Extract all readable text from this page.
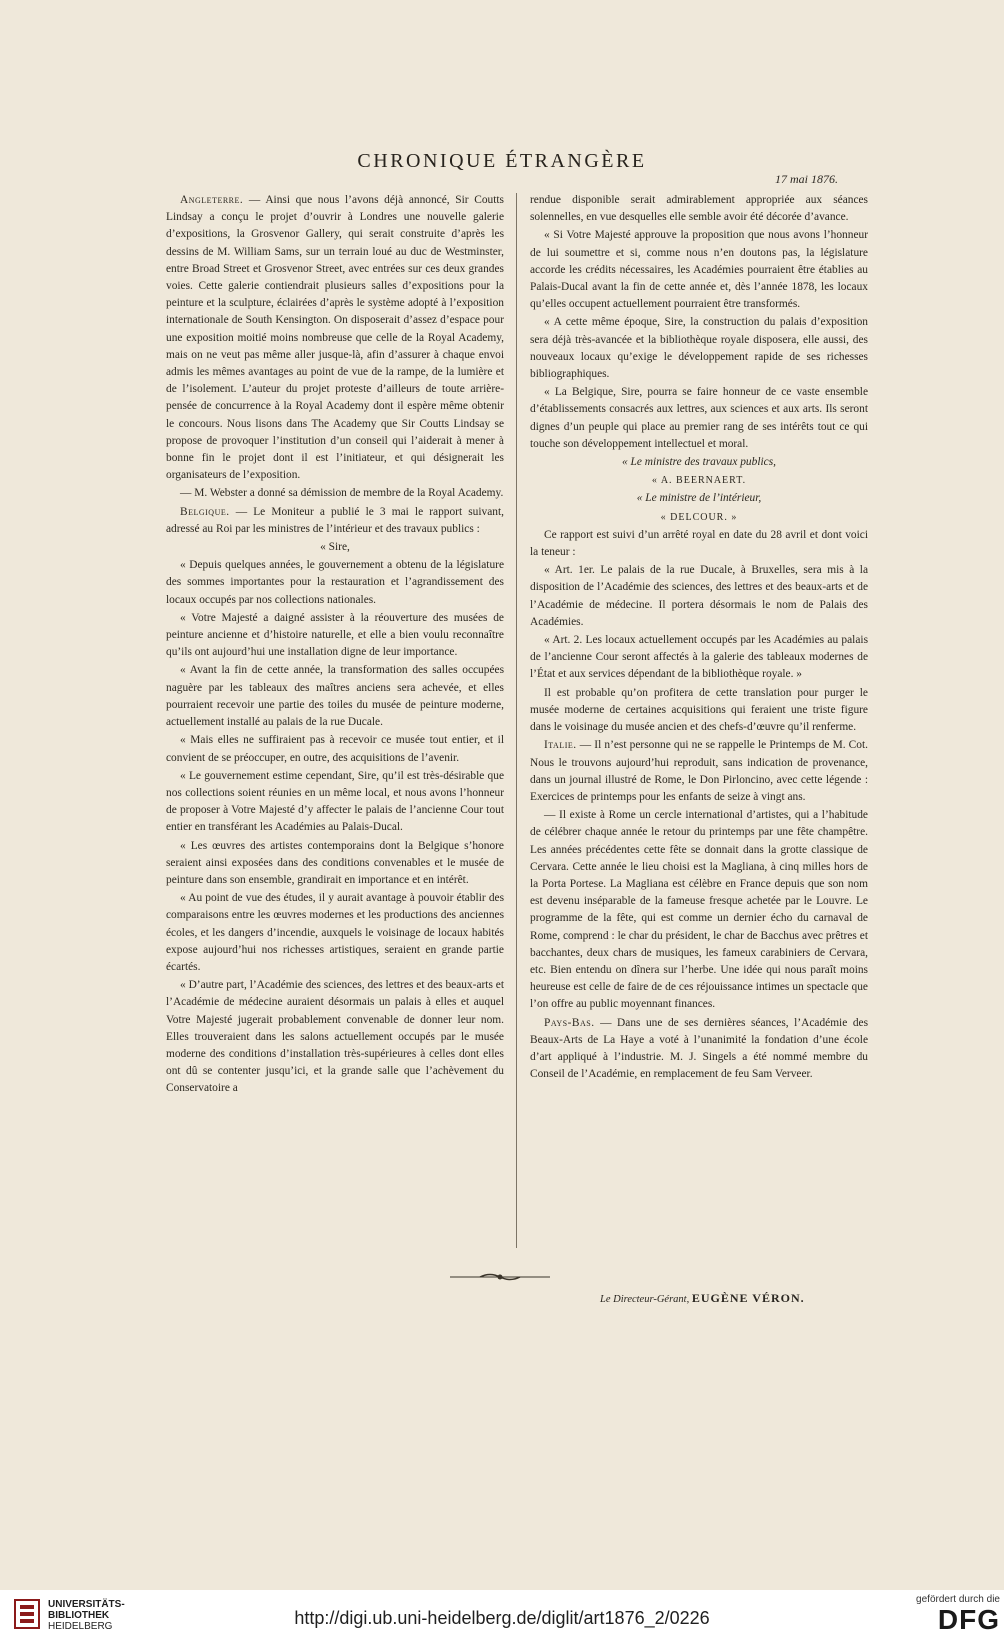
CHRONIQUE ÉTRANGÈRE
17 mai 1876.

Angleterre. — Ainsi que nous l’avons déjà annoncé, Sir Coutts Lindsay a conçu le projet d’ouvrir à Londres une nouvelle galerie d’expositions, la Grosvenor Gallery, qui serait construite d’après les dessins de M. William Sams, sur un terrain loué au duc de Westminster, entre Broad Street et Grosvenor Street, avec entrées sur ces deux grandes voies. Cette galerie contiendrait plusieurs salles d’expositions pour la peinture et la sculpture, éclairées d’après le système adopté à l’exposition internationale de South Kensington. On disposerait d’assez d’espace pour une exposition moitié moins nombreuse que celle de la Royal Academy, mais on ne veut pas même aller jusque-là, afin d’assurer à chaque envoi admis les mêmes avantages au point de vue de la rampe, de la lumière et de l’isolement. L’auteur du projet proteste d’ailleurs de toute arrière-pensée de concurrence à la Royal Academy dont il espère même obtenir le concours. Nous lisons dans The Academy que Sir Coutts Lindsay se propose de provoquer l’institution d’un conseil qui l’aiderait à mener à bonne fin le projet dont il est l’initiateur, et qui désignerait les organisateurs de l’exposition.

— M. Webster a donné sa démission de membre de la Royal Academy.

Belgique. — Le Moniteur a publié le 3 mai le rapport suivant, adressé au Roi par les ministres de l’intérieur et des travaux publics :

« Sire,

« Depuis quelques années, le gouvernement a obtenu de la législature des sommes importantes pour la restauration et l’agrandissement des locaux occupés par nos collections nationales.

« Votre Majesté a daigné assister à la réouverture des musées de peinture ancienne et d’histoire naturelle, et elle a bien voulu reconnaître qu’ils ont aujourd’hui une installation digne de leur importance.

« Avant la fin de cette année, la transformation des salles occupées naguère par les tableaux des maîtres anciens sera achevée, et elles pourraient recevoir une partie des toiles du musée de peinture moderne, actuellement installé au palais de la rue Ducale.

« Mais elles ne suffiraient pas à recevoir ce musée tout entier, et il convient de se préoccuper, en outre, des acquisitions de l’avenir.

« Le gouvernement estime cependant, Sire, qu’il est très-désirable que nos collections soient réunies en un même local, et nous avons l’honneur de proposer à Votre Majesté d’y affecter le palais de l’ancienne Cour tout entier en transférant les Académies au Palais-Ducal.

« Les œuvres des artistes contemporains dont la Belgique s’honore seraient ainsi exposées dans des conditions convenables et le musée de peinture dans son ensemble, grandirait en importance et en intérêt.

« Au point de vue des études, il y aurait avantage à pouvoir établir des comparaisons entre les œuvres modernes et les productions des anciennes écoles, et les dangers d’incendie, auxquels le voisinage de locaux habités expose aujourd’hui nos richesses artistiques, seraient en grande partie écartés.

« D’autre part, l’Académie des sciences, des lettres et des beaux-arts et l’Académie de médecine auraient désormais un palais à elles et auquel Votre Majesté jugerait probablement convenable de donner leur nom. Elles trouveraient dans les salons actuellement occupés par le musée moderne des conditions d’installation très-supérieures à celles dont elles ont dû se contenter jusqu’ici, et la grande salle que l’achèvement du Conservatoire a

rendue disponible serait admirablement appropriée aux séances solennelles, en vue desquelles elle semble avoir été décorée d’avance.

« Si Votre Majesté approuve la proposition que nous avons l’honneur de lui soumettre et si, comme nous n’en doutons pas, la législature accorde les crédits nécessaires, les Académies pourraient être établies au Palais-Ducal avant la fin de cette année et, dès l’année 1878, les locaux qu’elles occupent actuellement pourraient être transformés.

« A cette même époque, Sire, la construction du palais d’exposition sera déjà très-avancée et la bibliothèque royale disposera, elle aussi, des nouveaux locaux qu’exige le développement rapide de ses richesses bibliographiques.

« La Belgique, Sire, pourra se faire honneur de ce vaste ensemble d’établissements consacrés aux lettres, aux sciences et aux arts. Ils seront dignes d’un peuple qui place au premier rang de ses intérêts tout ce qui touche son développement intellectuel et moral.

« Le ministre des travaux publics,

« A. BEERNAERT.

« Le ministre de l’intérieur,

« DELCOUR. »

Ce rapport est suivi d’un arrêté royal en date du 28 avril et dont voici la teneur :

« Art. 1er. Le palais de la rue Ducale, à Bruxelles, sera mis à la disposition de l’Académie des sciences, des lettres et des beaux-arts et de l’Académie de médecine. Il portera désormais le nom de Palais des Académies.

« Art. 2. Les locaux actuellement occupés par les Académies au palais de l’ancienne Cour seront affectés à la galerie des tableaux modernes de l’État et aux services dépendant de la bibliothèque royale. »

Il est probable qu’on profitera de cette translation pour purger le musée moderne de certaines acquisitions qui feraient une triste figure dans le voisinage du musée ancien et des chefs-d’œuvre qu’il renferme.

Italie. — Il n’est personne qui ne se rappelle le Printemps de M. Cot. Nous le trouvons aujourd’hui reproduit, sans indication de provenance, dans un journal illustré de Rome, le Don Pirloncino, avec cette légende : Exercices de printemps pour les enfants de seize à vingt ans.

— Il existe à Rome un cercle international d’artistes, qui a l’habitude de célébrer chaque année le retour du printemps par une fête champêtre. Les années précédentes cette fête se donnait dans la grotte classique de Cervara. Cette année le lieu choisi est la Magliana, à cinq milles hors de la Porta Portese. La Magliana est célèbre en France depuis que son nom est devenu inséparable de la fameuse fresque achetée par le Louvre. Le programme de la fête, qui est comme un dernier écho du carnaval de Rome, comprend : le char du président, le char de Bacchus avec prêtres et bacchantes, deux chars de musiques, les fameux carabiniers de Cervara, etc. Bien entendu on dînera sur l’herbe. Une idée qui nous paraît moins heureuse est celle de faire de de ces réjouissance intimes un spectacle que l’on offre au public moyennant finances.

Pays-Bas. — Dans une de ses dernières séances, l’Académie des Beaux-Arts de La Haye a voté à l’unanimité la fondation d’une école d’art appliqué à l’industrie. M. J. Singels a été nommé membre du Conseil de l’Académie, en remplacement de feu Sam Verveer.

Le Directeur-Gérant, EUGÈNE VÉRON.
UNIVERSITÄTS-
BIBLIOTHEK
HEIDELBERG	http://digi.ub.uni-heidelberg.de/diglit/art1876_2/0226
gefördert durch die
DFG
